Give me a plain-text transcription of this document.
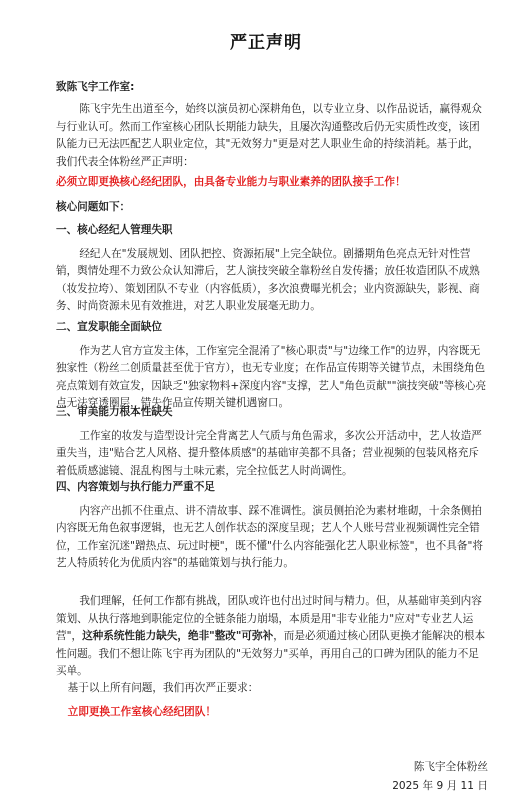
严正声明

致陈飞宇工作室:

陈飞宇先生出道至今，始终以演员初心深耕角色，以专业立身、以作品说话，赢得观众与行业认可。然而工作室核心团队长期能力缺失，且屡次沟通整改后仍无实质性改变，该团队能力已无法匹配艺人职业定位，其"无效努力"更是对艺人职业生命的持续消耗。基于此，我们代表全体粉丝严正声明：

必须立即更换核心经纪团队，由具备专业能力与职业素养的团队接手工作！

核心问题如下：

一、核心经纪人管理失职

经纪人在"发展规划、团队把控、资源拓展"上完全缺位。剧播期角色亮点无针对性营销，舆情处理不力致公众认知滞后，艺人演技突破全靠粉丝自发传播；放任妆造团队不成熟（妆发拉垮）、策划团队不专业（内容低质），多次浪费曝光机会；业内资源缺失，影视、商务、时尚资源未见有效推进，对艺人职业发展毫无助力。

二、宣发职能全面缺位

作为艺人官方宣发主体，工作室完全混淆了"核心职责"与"边缘工作"的边界，内容既无独家性（粉丝二创质量甚至优于官方），也无专业度；在作品宣传期等关键节点，未围绕角色亮点策划有效宣发，因缺乏"独家物料+深度内容"支撑，艺人"角色贡献""演技突破"等核心亮点无法穿透圈层，错失作品宣传期关键机遇窗口。

三、审美能力根本性缺失

工作室的妆发与造型设计完全背离艺人气质与角色需求，多次公开活动中，艺人妆造严重失当，违"贴合艺人风格、提升整体质感"的基础审美都不具备；营业视频的包装风格充斥着低质感滤镜、混乱构图与土味元素，完全拉低艺人时尚调性。

四、内容策划与执行能力严重不足

内容产出抓不住重点、讲不清故事、踩不准调性。演员侧拍沦为素材堆砌，十余条侧拍内容既无角色叙事逻辑，也无艺人创作状态的深度呈现；艺人个人账号营业视频调性完全错位，工作室沉迷"蹭热点、玩过时梗"，既不懂"什么内容能强化艺人职业标签"，也不具备"将艺人特质转化为优质内容"的基础策划与执行能力。

我们理解，任何工作都有挑战，团队或许也付出过时间与精力。但，从基础审美到内容策划、从执行落地到职能定位的全链条能力崩塌，本质是用"非专业能力"应对"专业艺人运营"，这种系统性能力缺失，绝非"整改"可弥补，而是必须通过核心团队更换才能解决的根本性问题。我们不想让陈飞宇再为团队的"无效努力"买单，再用自己的口碑为团队的能力不足买单。

基于以上所有问题，我们再次严正要求：

立即更换工作室核心经纪团队！

陈飞宇全体粉丝
2025 年 9 月 11 日
